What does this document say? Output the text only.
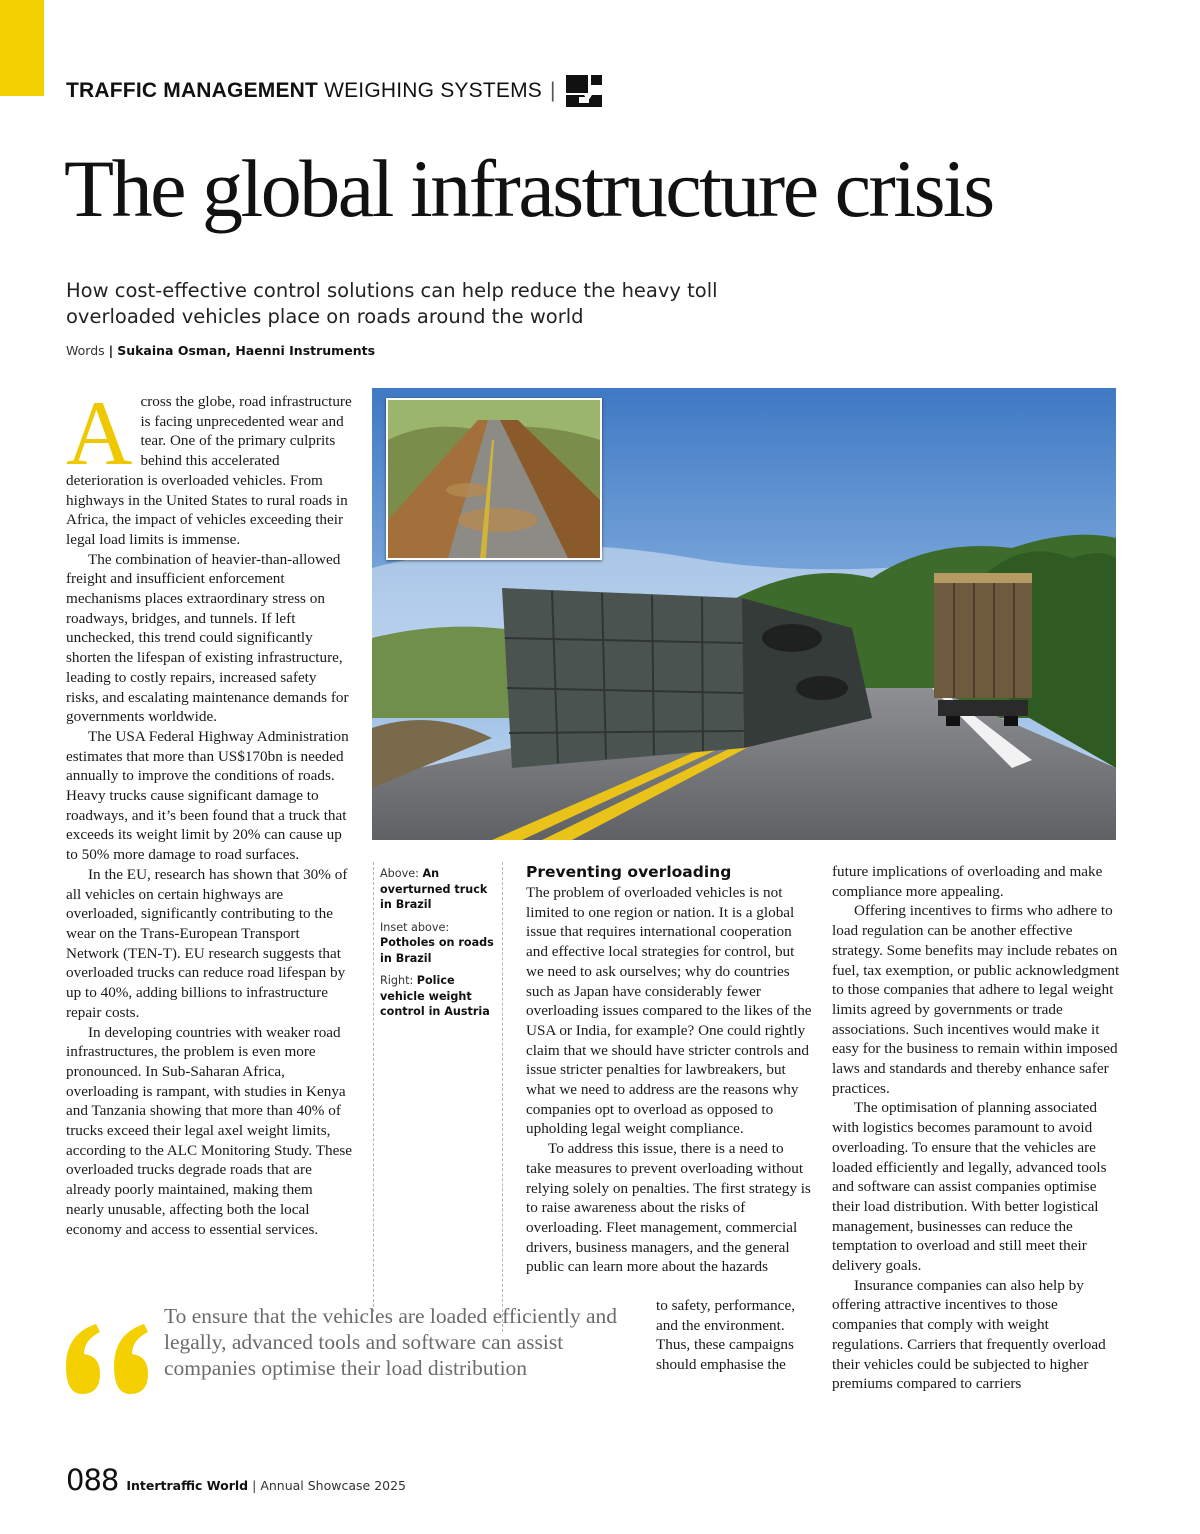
TRAFFIC MANAGEMENT WEIGHING SYSTEMS |
The global infrastructure crisis
How cost-effective control solutions can help reduce the heavy toll overloaded vehicles place on roads around the world
Words | Sukaina Osman, Haenni Instruments

Across the globe, road infrastructure is facing unprecedented wear and tear. One of the primary culprits behind this accelerated deterioration is overloaded vehicles. From highways in the United States to rural roads in Africa, the impact of vehicles exceeding their legal load limits is immense.

The combination of heavier-than-allowed freight and insufficient enforcement mechanisms places extraordinary stress on roadways, bridges, and tunnels. If left unchecked, this trend could significantly shorten the lifespan of existing infrastructure, leading to costly repairs, increased safety risks, and escalating maintenance demands for governments worldwide.

The USA Federal Highway Administration estimates that more than US$170bn is needed annually to improve the conditions of roads. Heavy trucks cause significant damage to roadways, and it’s been found that a truck that exceeds its weight limit by 20% can cause up to 50% more damage to road surfaces.

In the EU, research has shown that 30% of all vehicles on certain highways are overloaded, significantly contributing to the wear on the Trans-European Transport Network (TEN-T). EU research suggests that overloaded trucks can reduce road lifespan by up to 40%, adding billions to infrastructure repair costs.

In developing countries with weaker road infrastructures, the problem is even more pronounced. In Sub-Saharan Africa, overloading is rampant, with studies in Kenya and Tanzania showing that more than 40% of trucks exceed their legal axel weight limits, according to the ALC Monitoring Study. These overloaded trucks degrade roads that are already poorly maintained, making them nearly unusable, affecting both the local economy and access to essential services.

Above: An overturned truck in Brazil
Inset above: Potholes on roads in Brazil
Right: Police vehicle weight control in Austria
Preventing overloading

The problem of overloaded vehicles is not limited to one region or nation. It is a global issue that requires international cooperation and effective local strategies for control, but we need to ask ourselves; why do countries such as Japan have considerably fewer overloading issues compared to the likes of the USA or India, for example? One could rightly claim that we should have stricter controls and issue stricter penalties for lawbreakers, but what we need to address are the reasons why companies opt to overload as opposed to upholding legal weight compliance.

To address this issue, there is a need to take measures to prevent overloading without relying solely on penalties. The first strategy is to raise awareness about the risks of overloading. Fleet management, commercial drivers, business managers, and the general public can learn more about the hazards

to safety, performance, and the environment. Thus, these campaigns should emphasise the

future implications of overloading and make compliance more appealing.

Offering incentives to firms who adhere to load regulation can be another effective strategy. Some benefits may include rebates on fuel, tax exemption, or public acknowledgment to those companies that adhere to legal weight limits agreed by governments or trade associations. Such incentives would make it easy for the business to remain within imposed laws and standards and thereby enhance safer practices.

The optimisation of planning associated with logistics becomes paramount to avoid overloading. To ensure that the vehicles are loaded efficiently and legally, advanced tools and software can assist companies optimise their load distribution. With better logistical management, businesses can reduce the temptation to overload and still meet their delivery goals.

Insurance companies can also help by offering attractive incentives to those companies that comply with weight regulations. Carriers that frequently overload their vehicles could be subjected to higher premiums compared to carriers

To ensure that the vehicles are loaded efficiently and legally, advanced tools and software can assist companies optimise their load distribution
088 Intertraffic World | Annual Showcase 2025
